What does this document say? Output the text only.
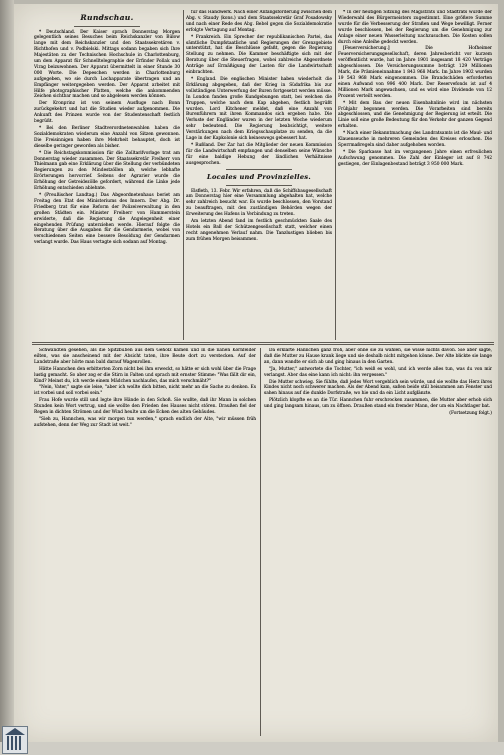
Rundschau.

* Deutschland. Der Kaiser sprach Donnerstag Morgen gelegentlich seines Besuches beim Reichskanzler von Bülow lange mit dem Reichskanzler und den Staatssekretären v. Richthofen und v. Podbielski. Mittags sodann begaben sich Ihre Majestäten zu der Technischen Hochschule in Charlottenburg, um dem Apparat für Schnelltelegraphie der Erfinder Pollak und Virag beizuwohnen. Der Apparat übermittelt in einer Stunde 30 000 Worte. Die Depeschen werden in Charlottenburg aufgegeben, wo sie durch Lochapparate übertragen und an Empfänger weitergegeben werden. Der Apparat arbeitet mit Hilfe photographischer Platten, welche die ankommenden Zeichen sichtbar machen und so abgelesen werden können.

Der Kronprinz ist von seinem Ausfluge nach Bonn zurückgekehrt und hat die Studien wieder aufgenommen. Die Ankunft des Prinzen wurde von der Studentenschaft festlich begrüßt.

* Bei den Berliner Stadtverordnetenwahlen haben die Sozialdemokraten wiederum eine Anzahl von Sitzen gewonnen. Die Freisinnigen haben ihre Mehrheit behauptet, doch ist dieselbe geringer geworden als bisher.

* Die Reichstagskommission für die Zolltarifvorlage trat am Donnerstag wieder zusammen. Der Staatssekretär Freiherr von Thielmann gab eine Erklärung über die Stellung der verbündeten Regierungen zu den Mindestzöllen ab, welche lebhafte Erörterungen hervorrief. Seitens der Agrarier wurde die Erhöhung der Getreidezölle gefordert, während die Linke jede Erhöhung entschieden ablehnte.

* (Preußischer Landtag.) Das Abgeordnetenhaus beriet am Freitag den Etat des Ministeriums des Innern. Der Abg. Dr. Friedberg trat für eine Reform der Polizeiverwaltung in den großen Städten ein. Minister Freiherr von Hammerstein erwiderte, daß die Regierung die Angelegenheit einer eingehenden Prüfung unterziehen werde. Hierauf folgte die Beratung über die Ausgaben für die Gendarmerie, wobei von verschiedenen Seiten eine bessere Besoldung der Gendarmen verlangt wurde. Das Haus vertagte sich sodann auf Montag.

für das Handwerk. Nach einer Anfangsforderung zwischen dem Abg. v. Staudy (kons.) und dem Staatssekretär Graf Posadowsky und nach einer Rede des Abg. Bebel gegen die Sozialdemokratie erfolgte Vertagung auf Montag.

* Frankreich. Ein Sprecher der republikanischen Partei, das sämtliche Dumpfstaatliche und Regierungen der Grenzgebiete unterstützt, hat die Beschlüsse gefaßt, gegen die Regierung Stellung zu nehmen. Die Kammer beschäftigte sich mit der Beratung über die Steuerfragen, wobei zahlreiche Abgeordnete Anträge auf Ermäßigung der Lasten für die Landwirtschaft einbrachten.

* England. Die englischen Minister haben wiederholt die Erklärung abgegeben, daß der Krieg in Südafrika bis zur vollständigen Unterwerfung der Buren fortgesetzt werden müsse. In London fanden große Kundgebungen statt, bei welchen die Truppen, welche nach dem Kap abgehen, festlich begrüßt wurden. Lord Kitchener meldet, daß eine Anzahl von Burenführern mit ihren Kommandos sich ergeben habe. Die Verluste der Engländer waren in der letzten Woche wiederum sehr bedeutend. Die Regierung beabsichtigt, weitere Verstärkungen nach dem Kriegsschauplatze zu senden, da die Lage in der Kapkolonie sich keineswegs gebessert hat.

* Rußland. Der Zar hat die Mitglieder der neuen Kommission für die Landwirtschaft empfangen und denselben seine Wünsche für eine baldige Hebung der ländlichen Verhältnisse ausgesprochen.

Locales und Provinzielles.

Elsfleth, 13. Febr. Wir erfahren, daß die Schiffsbaugesellschaft am Donnerstag hier eine Versammlung abgehalten hat, welche sehr zahlreich besucht war. Es wurde beschlossen, den Vorstand zu beauftragen, mit den zuständigen Behörden wegen der Erweiterung des Hafens in Verbindung zu treten.

Am letzten Abend fand im festlich geschmückten Saale des Hotels ein Ball der Schützengesellschaft statt, welcher einen recht angenehmen Verlauf nahm. Die Tanzlustigen blieben bis zum frühen Morgen beisammen.

* In der heutigen Sitzung des Magistrats und Stadtrats wurde der Wiederwahl des Bürgermeisters zugestimmt. Eine größere Summe wurde für die Verbesserung der Straßen und Wege bewilligt. Ferner wurde beschlossen, bei der Regierung um die Genehmigung zur Anlage einer neuen Wasserleitung nachzusuchen. Die Kosten sollen durch eine Anleihe gedeckt werden.

[Feuerversicherung.] Die Hofheimer Feuerversicherungsgesellschaft, deren Jahresbericht vor kurzem veröffentlicht wurde, hat im Jahre 1901 insgesamt 18 420 Verträge abgeschlossen. Die Versicherungssumme beträgt 129 Millionen Mark, die Prämieneinnahme 1 843 968 Mark. Im Jahre 1902 wurden 19 543 968 Mark eingenommen. Die Brandschäden erforderten einen Aufwand von 996 400 Mark. Der Reservefonds ist auf 4 Millionen Mark angewachsen, und es wird eine Dividende von 12 Prozent verteilt werden.

* Mit dem Bau der neuen Eisenbahnlinie wird im nächsten Frühjahr begonnen werden. Die Vorarbeiten sind bereits abgeschlossen, und die Genehmigung der Regierung ist erteilt. Die Linie soll eine große Bedeutung für den Verkehr der ganzen Gegend erhalten.

* Nach einer Bekanntmachung des Landratsamts ist die Maul- und Klauenseuche in mehreren Gemeinden des Kreises erloschen. Die Sperrmaßregeln sind daher aufgehoben worden.

* Die Sparkasse hat im vergangenen Jahre einen erfreulichen Aufschwung genommen. Die Zahl der Einleger ist auf 8 742 gestiegen, der Einlagenbestand beträgt 3 950 000 Mark.

Schwandten gesehen, als die Spitzbuben aus dem Gehölz kamen und in die nahen Kornfelder eilten, was sie anscheinend mit der Absicht taten, ihre Beute dort zu verstecken. Auf der Landstraße aber hörte man bald darauf Wagenrollen.

Hätte Hannchen den erbitterten Zorn nicht bei ihm erweckt, so hätte er sich wohl über die Frage lustig gemacht. So aber zog er die Stirn in Falten und sprach mit ernster Stimme: "Was fällt dir ein, Kind? Meinst du, ich werde einem Mädchen nachlaufen, das mich verschmäht?"

"Nein, Vater," sagte sie leise, "aber ich wollte dich bitten, nicht mehr an die Sache zu denken. Es ist vorbei und soll vorbei sein."

Frau Hofe wurde still und legte ihre Hände in den Schoß. Sie wußte, daß ihr Mann in solchen Stunden kein Wort vertrug, und sie wollte den Frieden des Hauses nicht stören. Draußen fiel der Regen in dichten Strömen und der Wind heulte um die Ecken des alten Gebäudes.

"Sieh zu, Hannchen, was wir morgen tun werden," sprach endlich der Alte, "wir müssen früh aufstehen, denn der Weg zur Stadt ist weit."

Da erklärte Hannchen ganz froh, aber ohne sie zu wählen, sie wisse nichts davon. Sie aber sagte, daß die Mutter zu Hause krank liege und sie deshalb nicht mitgehen könne. Der Alte blickte sie lange an, dann wandte er sich ab und ging hinaus in den Garten.

"Ja, Mutter," antwortete die Tochter, "ich weiß es wohl, und ich werde alles tun, was du von mir verlangst. Aber das eine kann ich nicht: ihn vergessen."

Die Mutter schwieg. Sie fühlte, daß jedes Wort vergeblich sein würde, und sie wollte das Herz ihres Kindes nicht noch schwerer machen. Als der Abend kam, saßen beide still beisammen am Fenster und sahen hinaus auf die dunkle Dorfstraße, wo hie und da ein Licht aufglänzte.

Plötzlich klopfte es an die Tür. Hannchen fuhr erschrocken zusammen, die Mutter aber erhob sich und ging langsam hinaus, um zu öffnen. Draußen stand ein fremder Mann, der um ein Nachtlager bat.

(Fortsetzung folgt.)
